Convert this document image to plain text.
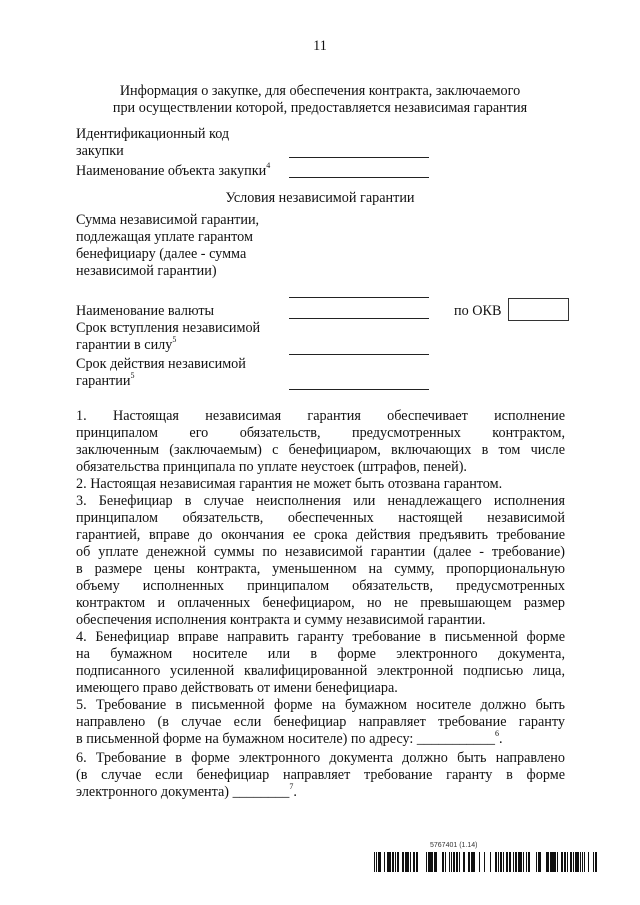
11
Информация о закупке, для обеспечения контракта, заключаемого
при осуществлении которой, предоставляется независимая гарантия
Идентификационный код
закупки
Наименование объекта закупки$^4$
Условия независимой гарантии
Сумма независимой гарантии,
подлежащая уплате гарантом
бенефициару (далее - сумма
независимой гарантии)
Наименование валюты	по ОКВ
Срок вступления независимой
гарантии в силу$^5$
Срок действия независимой
гарантии$^5$
1. Настоящая независимая гарантия обеспечивает исполнение
принципалом его обязательств, предусмотренных контрактом,
заключенным (заключаемым) с бенефициаром, включающих в том числе
обязательства принципала по уплате неустоек (штрафов, пеней).
2. Настоящая независимая гарантия не может быть отозвана гарантом.
3. Бенефициар в случае неисполнения или ненадлежащего исполнения
принципалом обязательств, обеспеченных настоящей независимой
гарантией, вправе до окончания ее срока действия предъявить требование
об уплате денежной суммы по независимой гарантии (далее - требование)
в размере цены контракта, уменьшенном на сумму, пропорциональную
объему исполненных принципалом обязательств, предусмотренных
контрактом и оплаченных бенефициаром, но не превышающем размер
обеспечения исполнения контракта и сумму независимой гарантии.
4. Бенефициар вправе направить гаранту требование в письменной форме
на бумажном носителе или в форме электронного документа,
подписанного усиленной квалифицированной электронной подписью лица,
имеющего право действовать от имени бенефициара.
5. Требование в письменной форме на бумажном носителе должно быть
направлено (в случае если бенефициар направляет требование гаранту
в письменной форме на бумажном носителе) по адресу: ___________$^6$.
6. Требование в форме электронного документа должно быть направлено
(в случае если бенефициар направляет требование гаранту в форме
электронного документа) ________$^7$.
5767401 (1.14)
